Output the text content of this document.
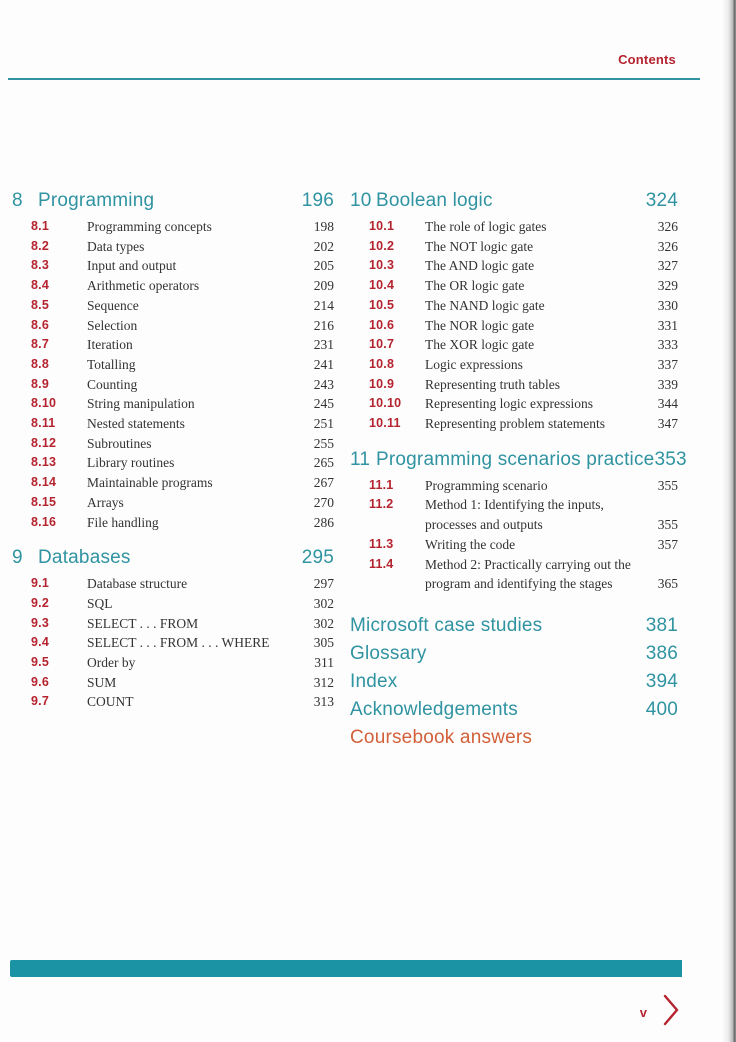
Contents
8 Programming	196
8.1	Programming concepts	198
8.2	Data types	202
8.3	Input and output	205
8.4	Arithmetic operators	209
8.5	Sequence	214
8.6	Selection	216
8.7	Iteration	231
8.8	Totalling	241
8.9	Counting	243
8.10	String manipulation	245
8.11	Nested statements	251
8.12	Subroutines	255
8.13	Library routines	265
8.14	Maintainable programs	267
8.15	Arrays	270
8.16	File handling	286
9 Databases	295
9.1	Database structure	297
9.2	SQL	302
9.3	SELECT . . . FROM	302
9.4	SELECT . . . FROM . . . WHERE	305
9.5	Order by	311
9.6	SUM	312
9.7	COUNT	313
10 Boolean logic	324
10.1	The role of logic gates	326
10.2	The NOT logic gate	326
10.3	The AND logic gate	327
10.4	The OR logic gate	329
10.5	The NAND logic gate	330
10.6	The NOR logic gate	331
10.7	The XOR logic gate	333
10.8	Logic expressions	337
10.9	Representing truth tables	339
10.10	Representing logic expressions	344
10.11	Representing problem statements	347
11 Programming scenarios practice 353
11.1	Programming scenario	355
11.2	Method 1: Identifying the inputs,
processes and outputs	355
11.3	Writing the code	357
11.4	Method 2: Practically carrying out the
program and identifying the stages	365
Microsoft case studies	381
Glossary	386
Index	394
Acknowledgements	400
Coursebook answers
v
